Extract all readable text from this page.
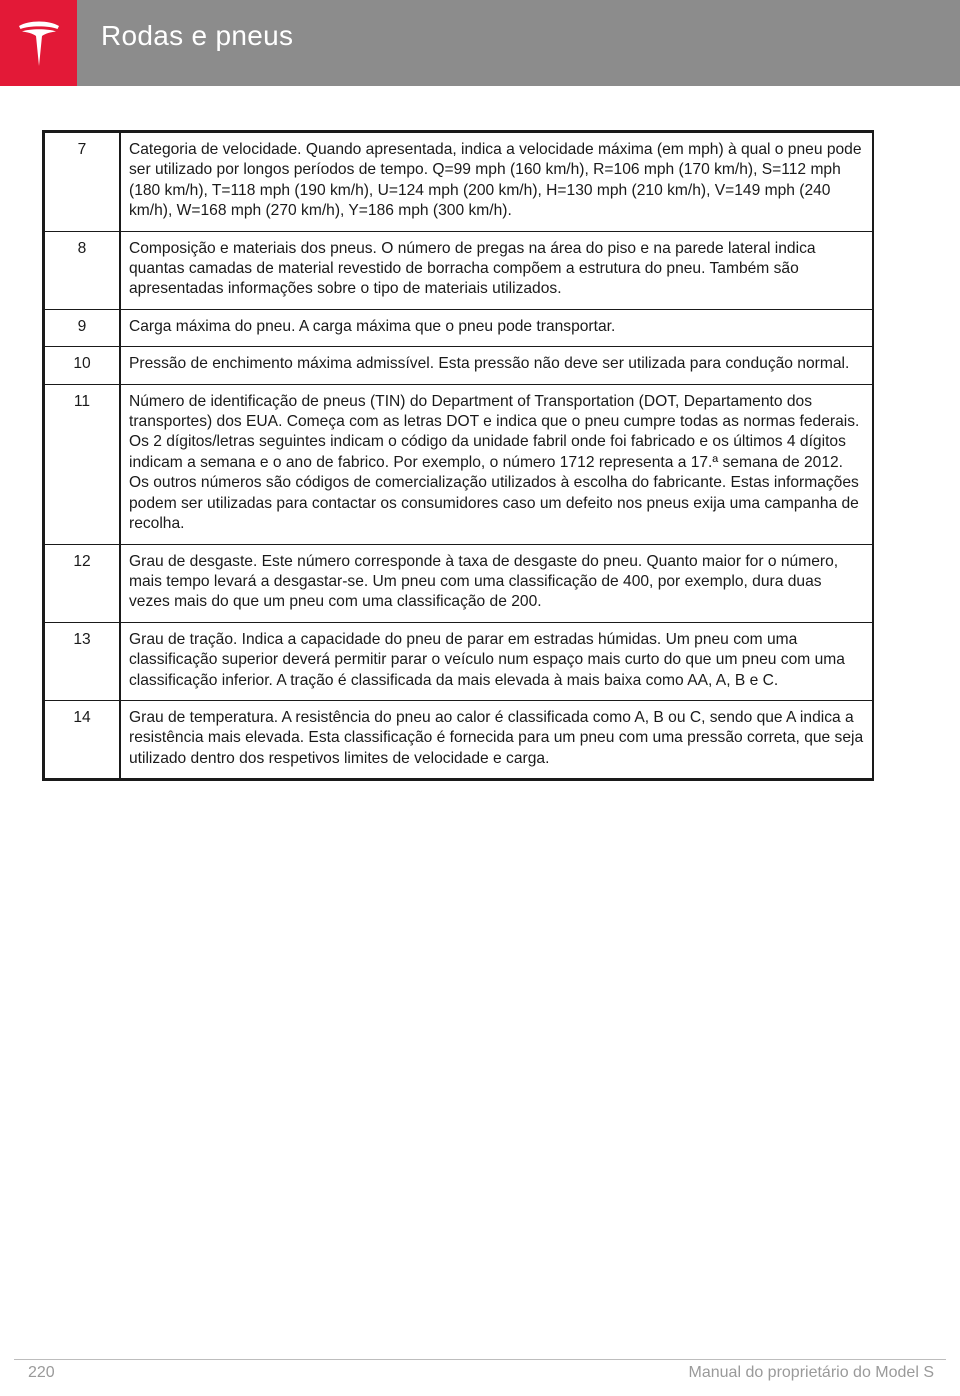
Rodas e pneus
7	Categoria de velocidade. Quando apresentada, indica a velocidade máxima (em mph) à qual o pneu pode ser utilizado por longos períodos de tempo. Q=99 mph (160 km/h), R=106 mph (170 km/h), S=112 mph (180 km/h), T=118 mph (190 km/h), U=124 mph (200 km/h), H=130 mph (210 km/h), V=149 mph (240 km/h), W=168 mph (270 km/h), Y=186 mph (300 km/h).
8	Composição e materiais dos pneus. O número de pregas na área do piso e na parede lateral indica quantas camadas de material revestido de borracha compõem a estrutura do pneu. Também são apresentadas informações sobre o tipo de materiais utilizados.
9	Carga máxima do pneu. A carga máxima que o pneu pode transportar.
10	Pressão de enchimento máxima admissível. Esta pressão não deve ser utilizada para condução normal.
11	Número de identificação de pneus (TIN) do Department of Transportation (DOT, Departamento dos transportes) dos EUA. Começa com as letras DOT e indica que o pneu cumpre todas as normas federais. Os 2 dígitos/letras seguintes indicam o código da unidade fabril onde foi fabricado e os últimos 4 dígitos indicam a semana e o ano de fabrico. Por exemplo, o número 1712 representa a 17.ª semana de 2012. Os outros números são códigos de comercialização utilizados à escolha do fabricante. Estas informações podem ser utilizadas para contactar os consumidores caso um defeito nos pneus exija uma campanha de recolha.
12	Grau de desgaste. Este número corresponde à taxa de desgaste do pneu. Quanto maior for o número, mais tempo levará a desgastar-se. Um pneu com uma classificação de 400, por exemplo, dura duas vezes mais do que um pneu com uma classificação de 200.
13	Grau de tração. Indica a capacidade do pneu de parar em estradas húmidas. Um pneu com uma classificação superior deverá permitir parar o veículo num espaço mais curto do que um pneu com uma classificação inferior. A tração é classificada da mais elevada à mais baixa como AA, A, B e C.
14	Grau de temperatura. A resistência do pneu ao calor é classificada como A, B ou C, sendo que A indica a resistência mais elevada. Esta classificação é fornecida para um pneu com uma pressão correta, que seja utilizado dentro dos respetivos limites de velocidade e carga.
220	Manual do proprietário do Model S
